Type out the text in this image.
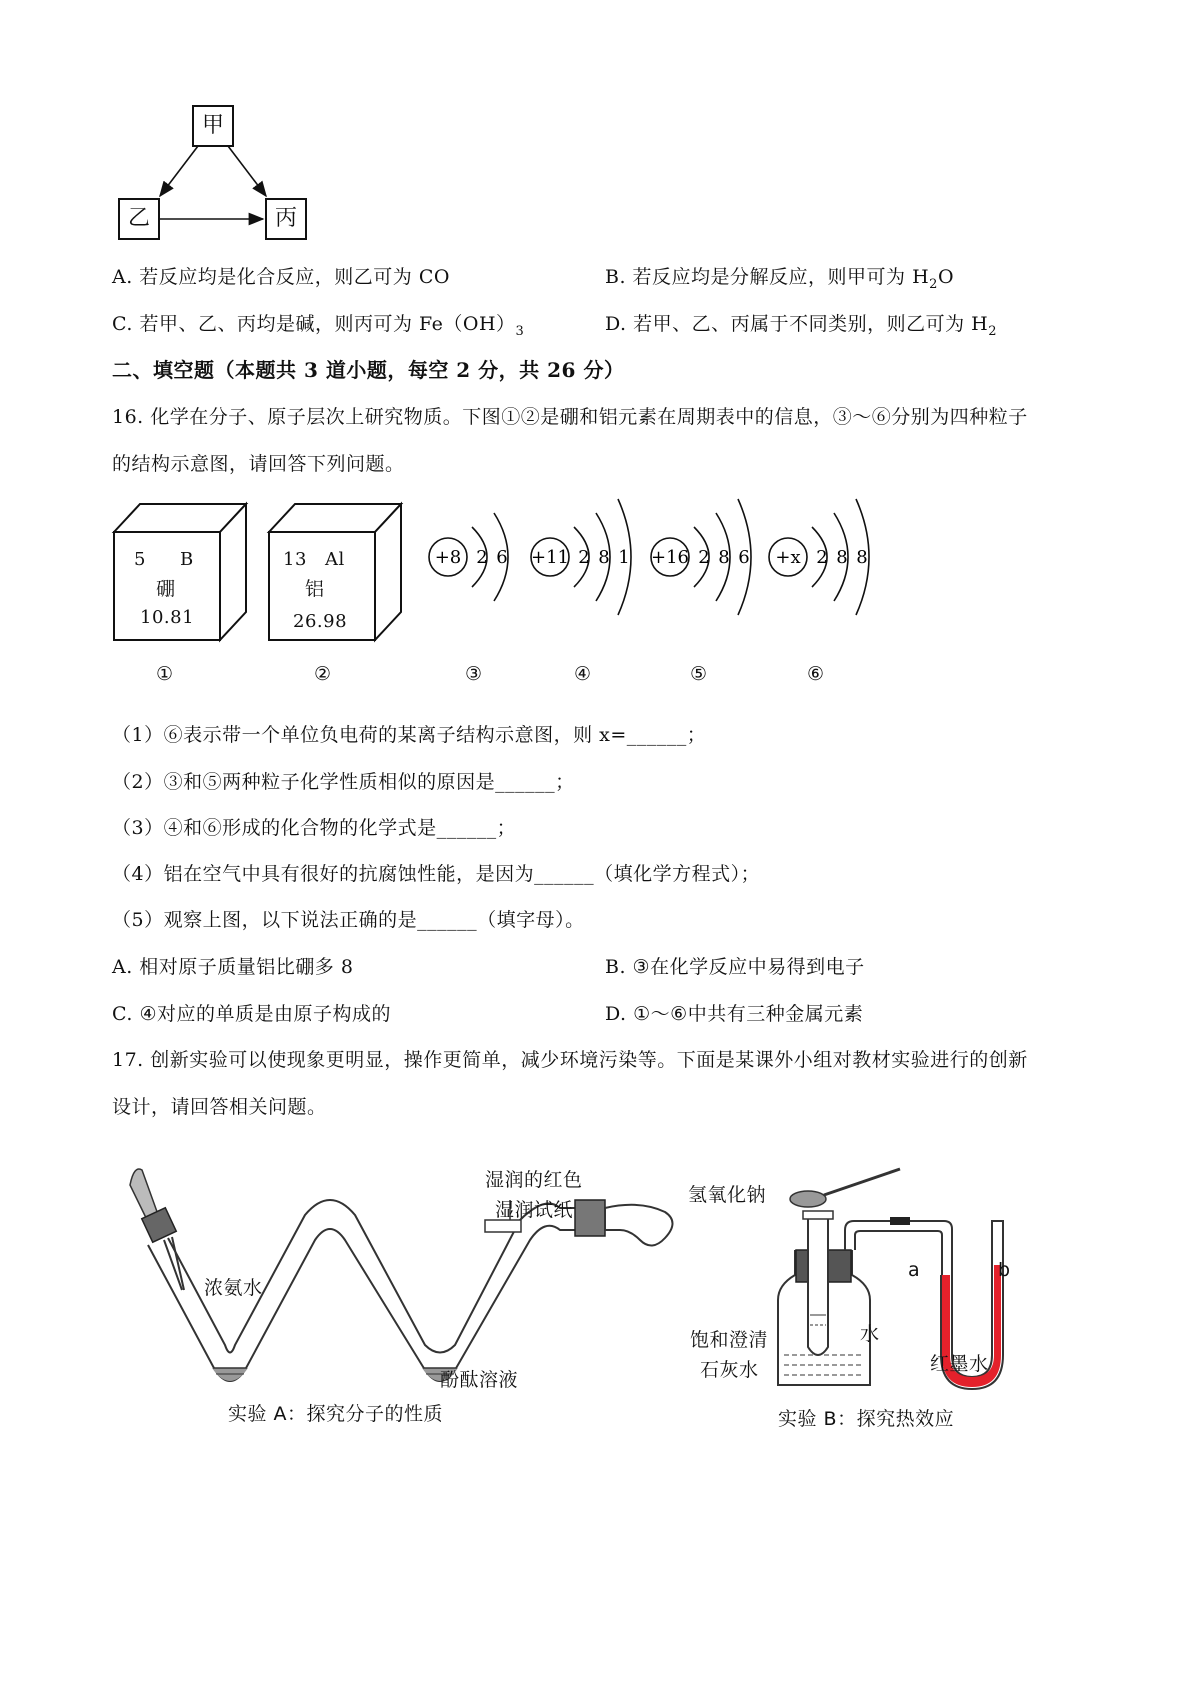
甲
乙	丙
A. 若反应均是化合反应，则乙可为 CO	B. 若反应均是分解反应，则甲可为 $H_2O$
C. 若甲、乙、丙均是碱，则丙可为 $Fe(OH)_3$	D. 若甲、乙、丙属于不同类别，则乙可为 $H_2$
二、填空题（本题共 3 道小题，每空 2 分，共 26 分）
16. 化学在分子、原子层次上研究物质。下图①②是硼和铝元素在周期表中的信息，③～⑥分别为四种粒子
的结构示意图，请回答下列问题。
5 B
硼
10.81
13 Al
铝
26.98
+8 2 6 +11 2 8 1 +16 2 8 6 +x 2 8 8
①	②	③	④	⑤	⑥
（1）⑥表示带一个单位负电荷的某离子结构示意图，则 x=______；
（2）③和⑤两种粒子化学性质相似的原因是______；
（3）④和⑥形成的化合物的化学式是______；
（4）铝在空气中具有很好的抗腐蚀性能，是因为______（填化学方程式）；
（5）观察上图，以下说法正确的是______（填字母）。
A. 相对原子质量铝比硼多 8	B. ③在化学反应中易得到电子
C. ④对应的单质是由原子构成的	D. ①～⑥中共有三种金属元素
17. 创新实验可以使现象更明显，操作更简单，减少环境污染等。下面是某课外小组对教材实验进行的创新
设计，请回答相关问题。
湿润的红色
湿润试纸
浓氨水
酚酞溶液
实验 A：探究分子的性质
氢氧化钠
水
饱和澄清
石灰水
a	b
红墨水
实验 B：探究热效应
